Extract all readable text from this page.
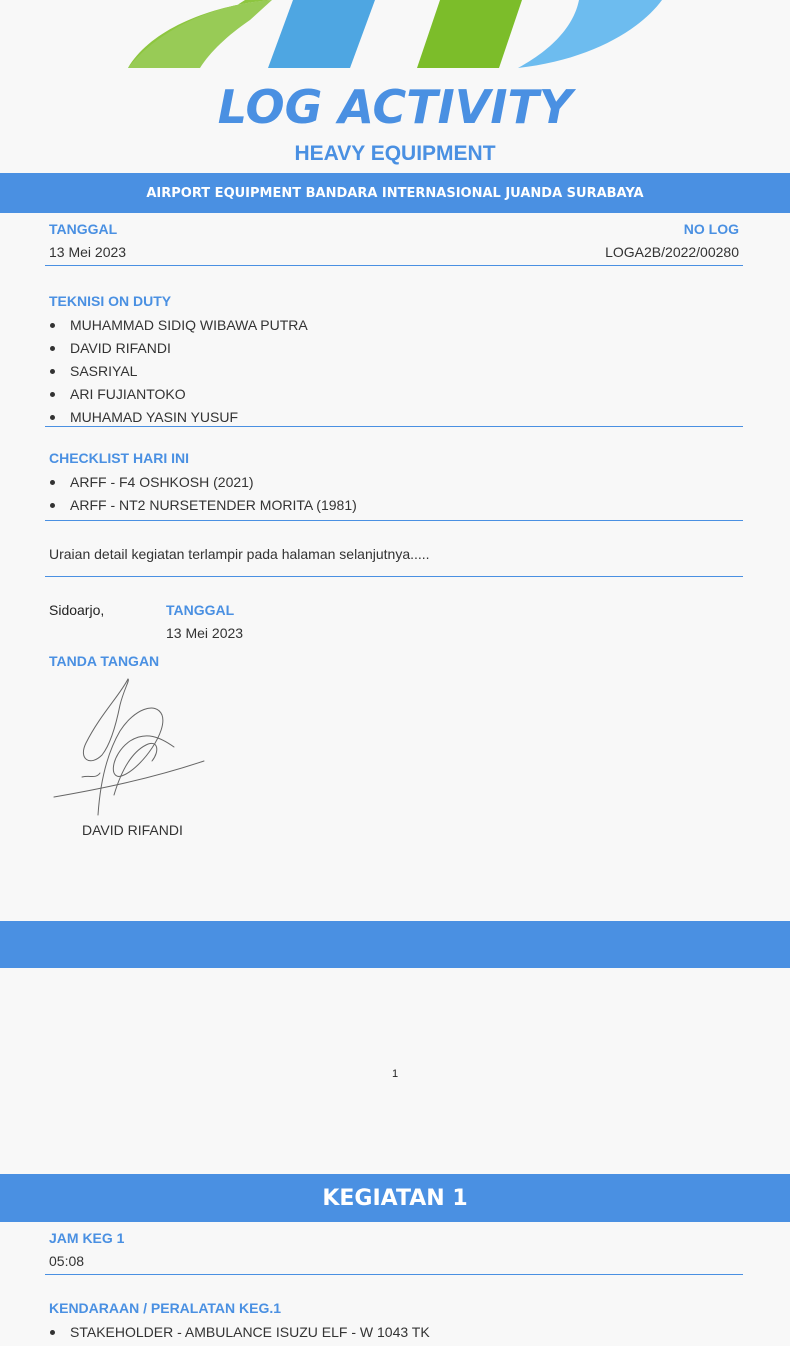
LOG ACTIVITY
HEAVY EQUIPMENT
AIRPORT EQUIPMENT BANDARA INTERNASIONAL JUANDA SURABAYA
TANGGAL
13 Mei 2023
NO LOG
LOGA2B/2022/00280
TEKNISI ON DUTY
MUHAMMAD SIDIQ WIBAWA PUTRA
DAVID RIFANDI
SASRIYAL
ARI FUJIANTOKO
MUHAMAD YASIN YUSUF
CHECKLIST HARI INI
ARFF - F4 OSHKOSH (2021)
ARFF - NT2 NURSETENDER MORITA (1981)
Uraian detail kegiatan terlampir pada halaman selanjutnya.....
Sidoarjo,	TANGGAL
13 Mei 2023
TANDA TANGAN
DAVID RIFANDI
1
KEGIATAN 1
JAM KEG 1
05:08
KENDARAAN / PERALATAN KEG.1
STAKEHOLDER - AMBULANCE ISUZU ELF - W 1043 TK
